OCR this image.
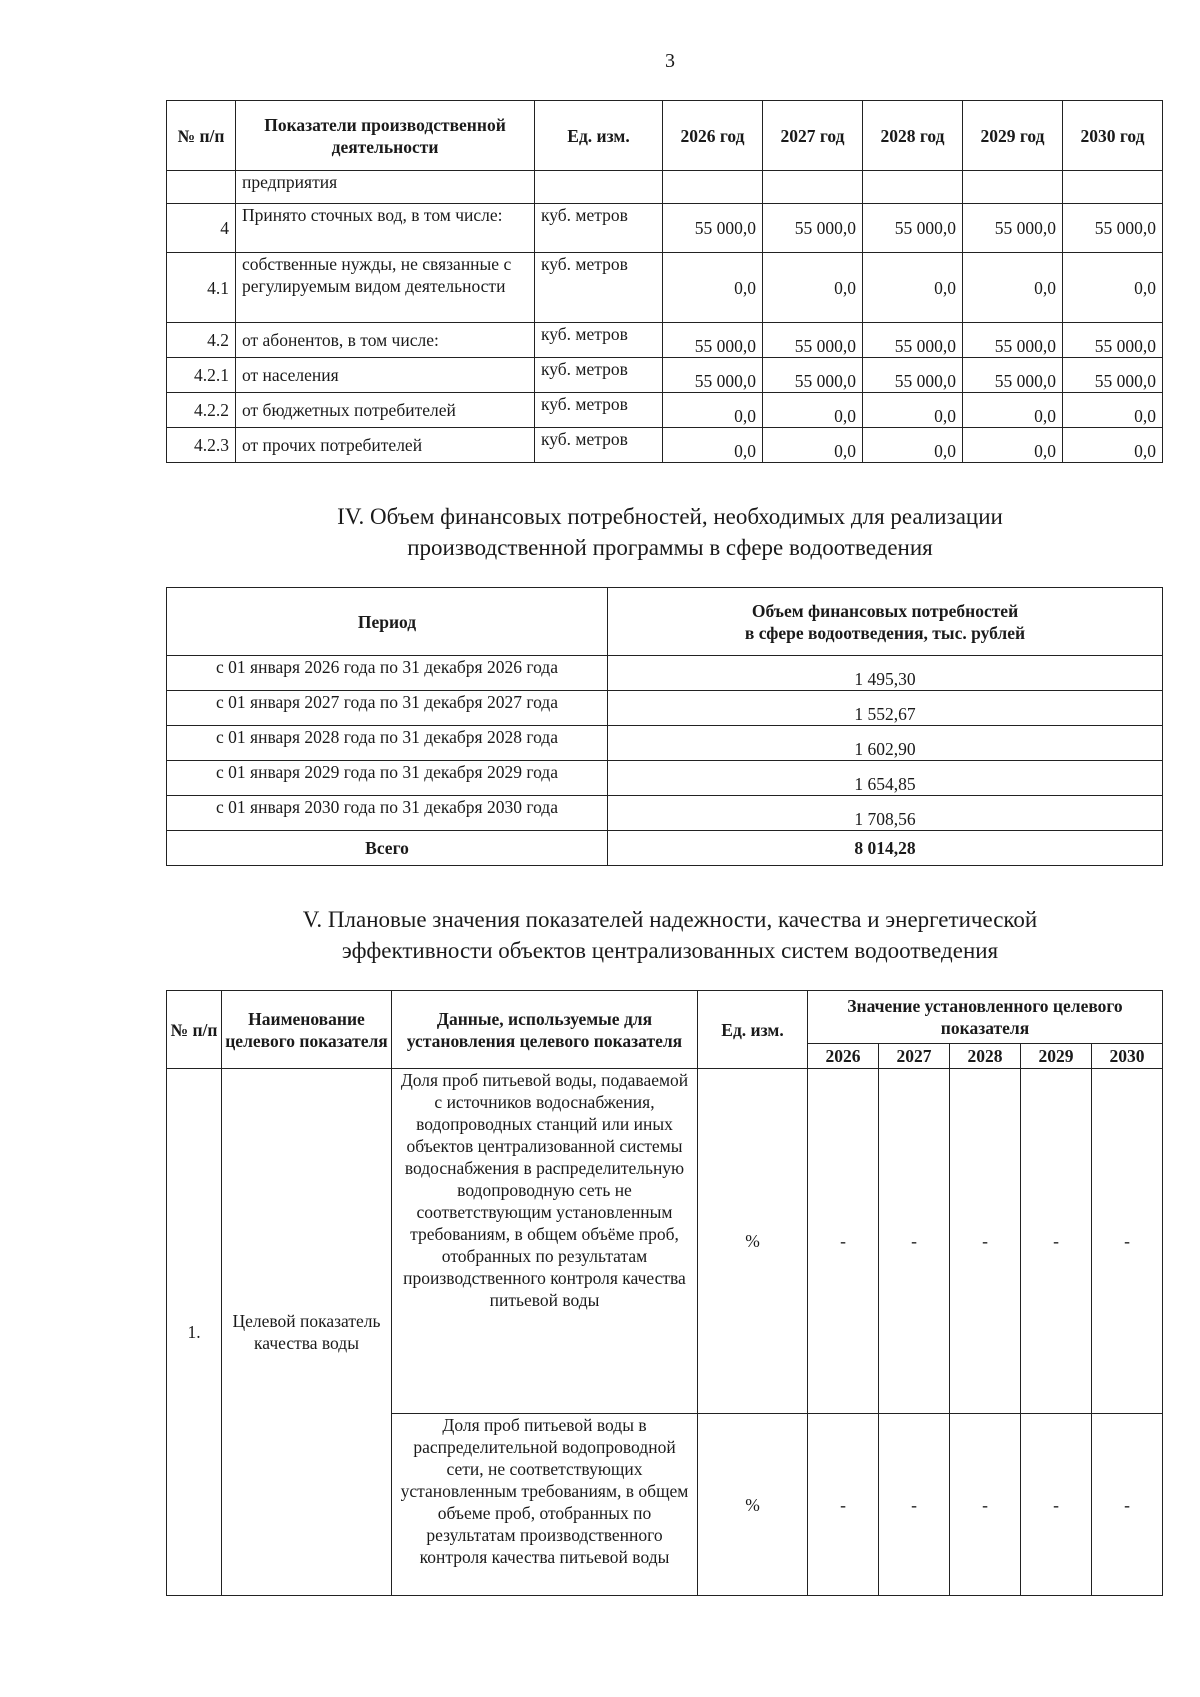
3
№ п/п	Показатели производственной деятельности	Ед. изм.	2026 год	2027 год	2028 год	2029 год	2030 год
	предприятия						
4	Принято сточных вод, в том числе:	куб. метров	55 000,0	55 000,0	55 000,0	55 000,0	55 000,0
4.1	собственные нужды, не связанные с регулируемым видом деятельности	куб. метров	0,0	0,0	0,0	0,0	0,0
4.2	от абонентов, в том числе:	куб. метров	55 000,0	55 000,0	55 000,0	55 000,0	55 000,0
4.2.1	от населения	куб. метров	55 000,0	55 000,0	55 000,0	55 000,0	55 000,0
4.2.2	от бюджетных потребителей	куб. метров	0,0	0,0	0,0	0,0	0,0
4.2.3	от прочих потребителей	куб. метров	0,0	0,0	0,0	0,0	0,0
IV. Объем финансовых потребностей, необходимых для реализации
производственной программы в сфере водоотведения
Период	Объем финансовых потребностей
в сфере водоотведения, тыс. рублей

с 01 января 2026 года по 31 декабря 2026 года	1 495,30
с 01 января 2027 года по 31 декабря 2027 года	1 552,67
с 01 января 2028 года по 31 декабря 2028 года	1 602,90
с 01 января 2029 года по 31 декабря 2029 года	1 654,85
с 01 января 2030 года по 31 декабря 2030 года	1 708,56
Всего	8 014,28
V. Плановые значения показателей надежности, качества и энергетической
эффективности объектов централизованных систем водоотведения
№ п/п	Наименование целевого показателя	Данные, используемые для установления целевого показателя	Ед. изм.	Значение установленного целевого показателя				
				2026	2027	2028	2029	2030
1.	Целевой показатель качества воды	Доля проб питьевой воды, подаваемой с источников водоснабжения, водопроводных станций или иных объектов централизованной системы водоснабжения в распределительную водопроводную сеть не соответствующим установленным требованиям, в общем объёме проб, отобранных по результатам производственного контроля качества питьевой воды	%	-	-	-	-	-
		Доля проб питьевой воды в распределительной водопроводной сети, не соответствующих установленным требованиям, в общем объеме проб, отобранных по результатам производственного контроля качества питьевой воды	%	-	-	-	-	-
